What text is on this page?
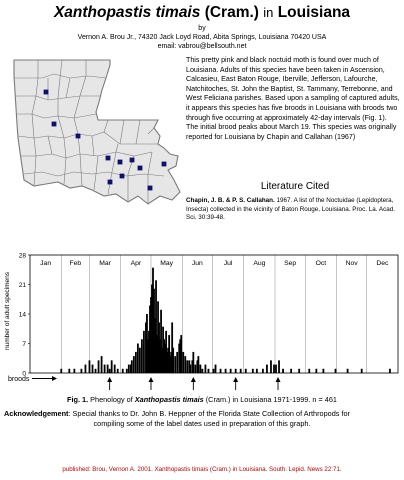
Xanthopastis timais (Cram.) in Louisiana
by
Vernon A. Brou Jr., 74320 Jack Loyd Road, Abita Springs, Louisiana 70420 USA
email: vabrou@bellsouth.net
This pretty pink and black noctuid moth is found over much of Louisiana. Adults of this species have been taken in Ascension, Calcasieu, East Baton Rouge, Iberville, Jefferson, Lafourche, Natchitoches, St. John the Baptist, St. Tammany, Terrebonne, and West Feliciana parishes. Based upon a sampling of captured adults, it appears this species has five broods in Louisiana with broods two through five occurring at approximately 42-day intervals (Fig. 1). The initial brood peaks about March 19. This species was originally reported for Louisiana by Chapin and Callahan (1967)
Literature Cited
Chapin, J. B. & P. S. Callahan. 1967. A list of the Noctuidae (Lepidoptera, Insecta) collected in the vicinity of Baton Rouge, Louisiana. Proc. La. Acad. Sci. 30:39-48.
number of adult specimens
0
7
14
21
28
Jan	Feb	Mar	Apr	May	Jun	Jul	Aug	Sep	Oct	Nov	Dec
broods
Fig. 1. Phenology of Xanthopastis timais (Cram.) in Louisiana 1971-1999. n = 461
Acknowledgement: Special thanks to Dr. John B. Heppner of the Florida State Collection of Arthropods for
compiling some of the label dates used in preparation of this graph.
published: Brou, Vernon A. 2001. Xanthopastis timais (Cram.) in Louisiana. South. Lepid. News 22:71.
